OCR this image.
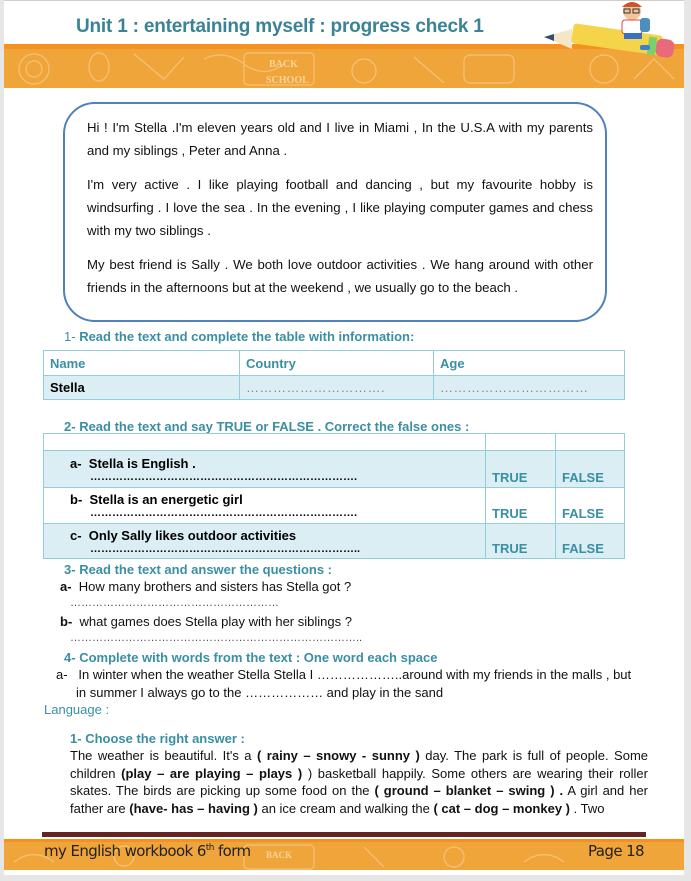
Unit 1 : entertaining myself : progress check 1
BACK
SCHOOL

Hi ! I'm Stella .I'm eleven years old and I live in Miami , In the U.S.A with my parents and my siblings , Peter and Anna .

I'm very active . I like playing football and dancing , but my favourite hobby is windsurfing . I love the sea . In the evening , I like playing computer games and chess with my two siblings .

My best friend is Sally . We both love outdoor activities . We hang around with other friends in the afternoons but at the weekend , we usually go to the beach .

1- Read the text and complete the table with information:
Name	Country	Age
Stella	………………………….	……………………………
2- Read the text and say TRUE or FALSE . Correct the false ones :

a- Stella is English .
……………………………………………………………….	TRUE	FALSE

b- Stella is an energetic girl
……………………………………………………………….	TRUE	FALSE

c- Only Sally likes outdoor activities
………………………………………………………………..	TRUE	FALSE
3- Read the text and answer the questions :
a- How many brothers and sisters has Stella got ?
…………………………………………………
b- what games does Stella play with her siblings ?
……………………………………………………………………..
4- Complete with words from the text : One word each space
a- In winter when the weather Stella Stella I ………………..around with my friends in the malls , but
in summer I always go to the ……………… and play in the sand
Language :
1- Choose the right answer :
The weather is beautiful. It's a ( rainy – snowy - sunny ) day. The park is full of people. Some children (play – are playing – plays ) ) basketball happily. Some others are wearing their roller skates. The birds are picking up some food on the ( ground – blanket – swing ) . A girl and her father are (have- has – having ) an ice cream and walking the ( cat – dog – monkey ) . Two
BACK
my English workbook 6th form	Page 18
